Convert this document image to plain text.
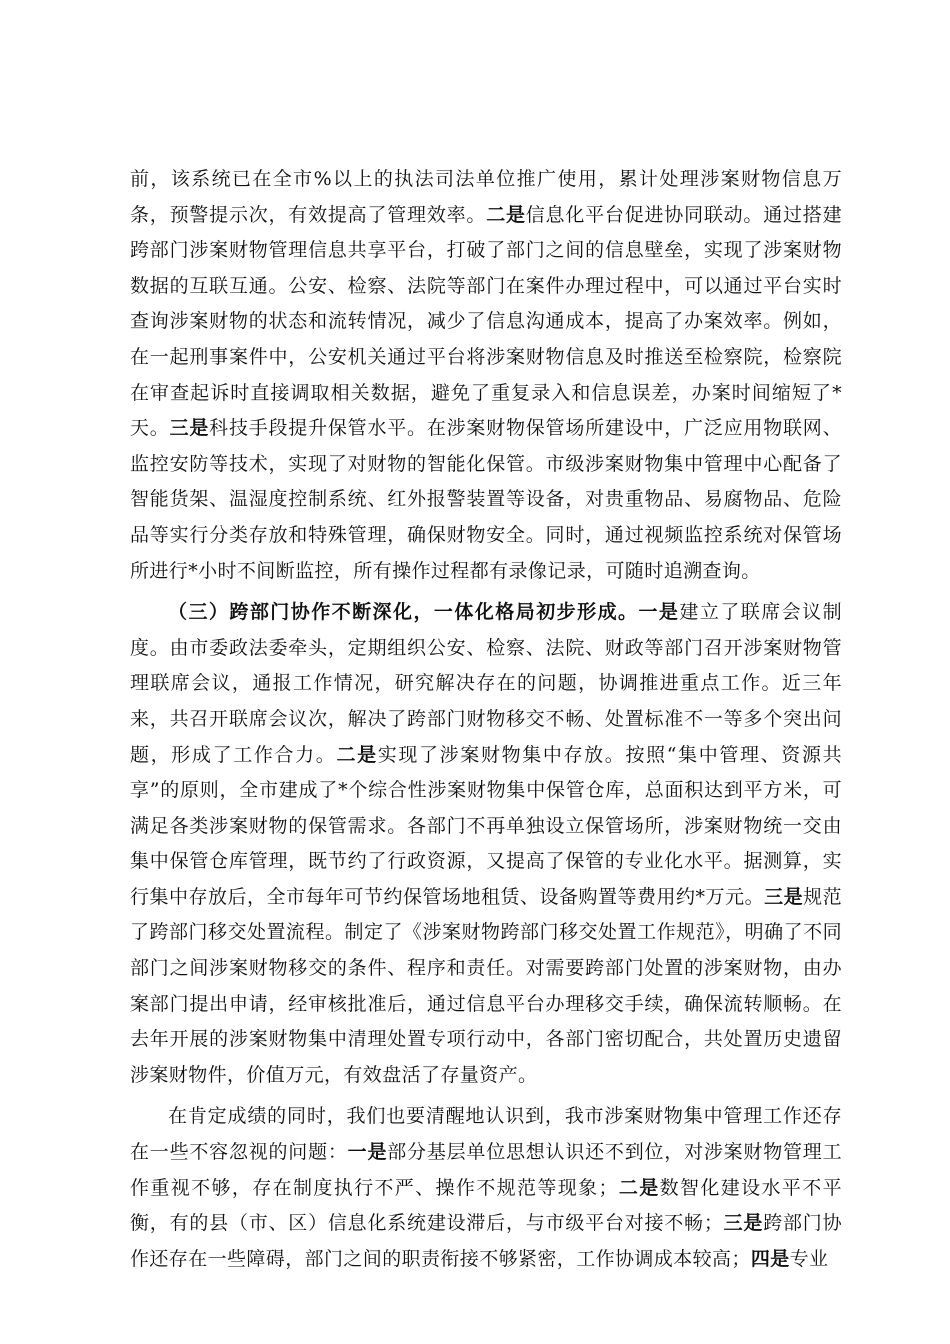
前，该系统已在全市%以上的执法司法单位推广使用，累计处理涉案财物信息万条，预警提示次，有效提高了管理效率。二是信息化平台促进协同联动。通过搭建跨部门涉案财物管理信息共享平台，打破了部门之间的信息壁垒，实现了涉案财物数据的互联互通。公安、检察、法院等部门在案件办理过程中，可以通过平台实时查询涉案财物的状态和流转情况，减少了信息沟通成本，提高了办案效率。例如，在一起刑事案件中，公安机关通过平台将涉案财物信息及时推送至检察院，检察院在审查起诉时直接调取相关数据，避免了重复录入和信息误差，办案时间缩短了*天。三是科技手段提升保管水平。在涉案财物保管场所建设中，广泛应用物联网、监控安防等技术，实现了对财物的智能化保管。市级涉案财物集中管理中心配备了智能货架、温湿度控制系统、红外报警装置等设备，对贵重物品、易腐物品、危险品等实行分类存放和特殊管理，确保财物安全。同时，通过视频监控系统对保管场所进行*小时不间断监控，所有操作过程都有录像记录，可随时追溯查询。

（三）跨部门协作不断深化，一体化格局初步形成。一是建立了联席会议制度。由市委政法委牵头，定期组织公安、检察、法院、财政等部门召开涉案财物管理联席会议，通报工作情况，研究解决存在的问题，协调推进重点工作。近三年来，共召开联席会议次，解决了跨部门财物移交不畅、处置标准不一等多个突出问题，形成了工作合力。二是实现了涉案财物集中存放。按照“集中管理、资源共享”的原则，全市建成了*个综合性涉案财物集中保管仓库，总面积达到平方米，可满足各类涉案财物的保管需求。各部门不再单独设立保管场所，涉案财物统一交由集中保管仓库管理，既节约了行政资源，又提高了保管的专业化水平。据测算，实行集中存放后，全市每年可节约保管场地租赁、设备购置等费用约*万元。三是规范了跨部门移交处置流程。制定了《涉案财物跨部门移交处置工作规范》，明确了不同部门之间涉案财物移交的条件、程序和责任。对需要跨部门处置的涉案财物，由办案部门提出申请，经审核批准后，通过信息平台办理移交手续，确保流转顺畅。在去年开展的涉案财物集中清理处置专项行动中，各部门密切配合，共处置历史遗留涉案财物件，价值万元，有效盘活了存量资产。

在肯定成绩的同时，我们也要清醒地认识到，我市涉案财物集中管理工作还存在一些不容忽视的问题：一是部分基层单位思想认识还不到位，对涉案财物管理工作重视不够，存在制度执行不严、操作不规范等现象；二是数智化建设水平不平衡，有的县（市、区）信息化系统建设滞后，与市级平台对接不畅；三是跨部门协作还存在一些障碍，部门之间的职责衔接不够紧密，工作协调成本较高；四是专业
